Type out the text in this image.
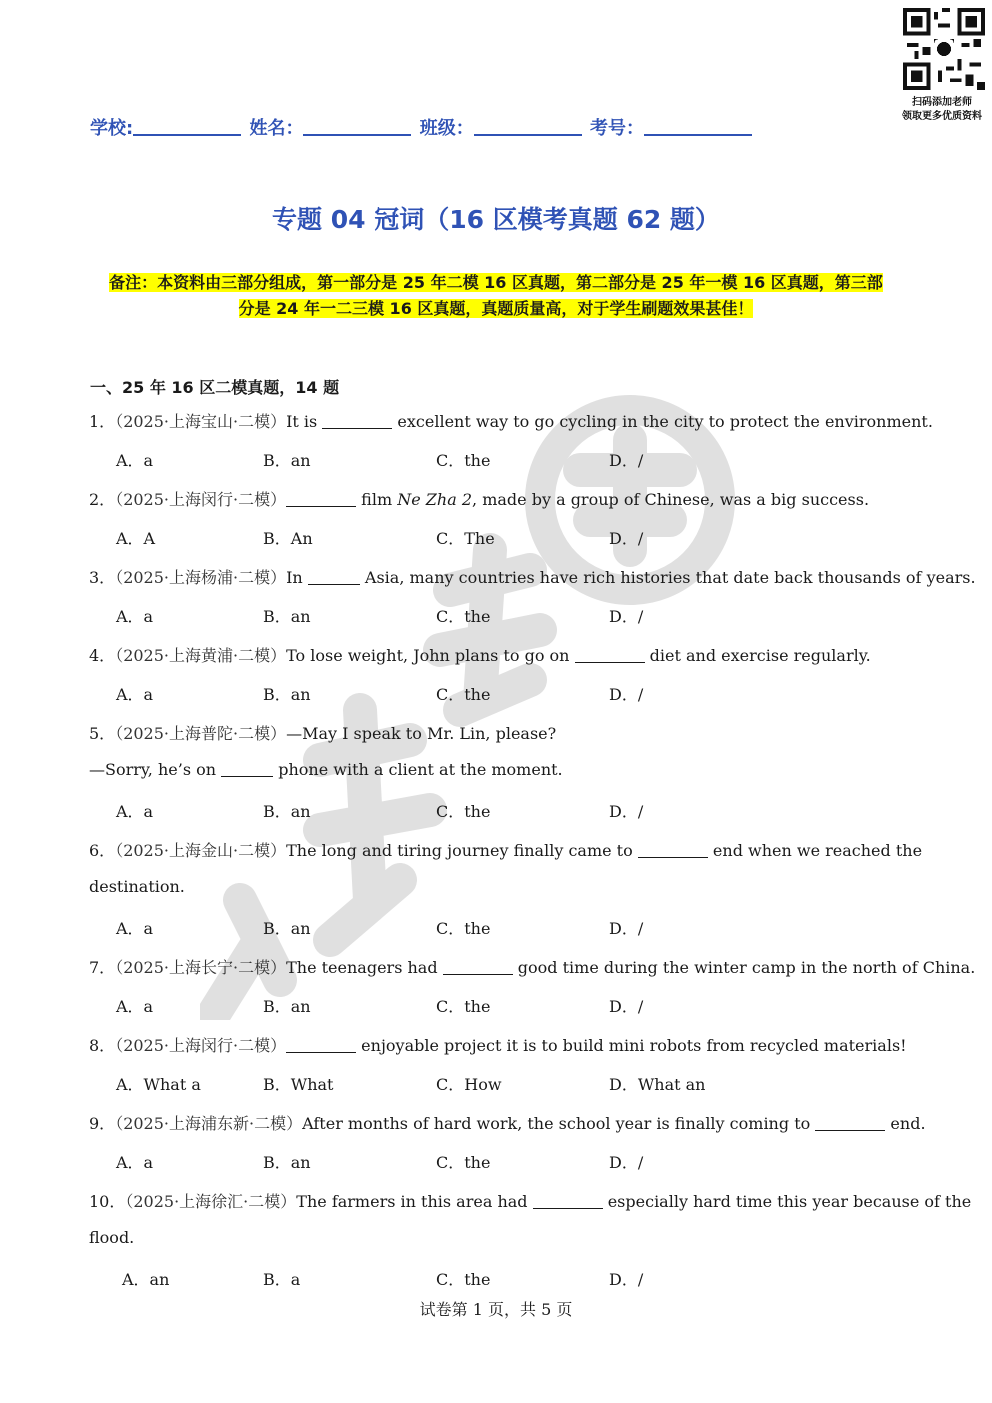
扫码添加老师
领取更多优质资料
学校:	姓名：	班级：	考号：
专题 04 冠词（16 区模考真题 62 题）
备注：本资料由三部分组成，第一部分是 25 年二模 16 区真题，第二部分是 25 年一模 16 区真题，第三部
分是 24 年一二三模 16 区真题，真题质量高，对于学生刷题效果甚佳！
一、25 年 16 区二模真题，14 题
1．（2025·上海宝山·二模）It is	excellent way to go cycling in the city to protect the environment.
A．a	B．an	C．the	D．/
2．（2025·上海闵行·二模）	film Ne Zha 2, made by a group of Chinese, was a big success.
A．A	B．An	C．The	D．/
3．（2025·上海杨浦·二模）In	Asia, many countries have rich histories that date back thousands of years.
A．a	B．an	C．the	D．/
4．（2025·上海黄浦·二模）To lose weight, John plans to go on	diet and exercise regularly.
A．a	B．an	C．the	D．/
5．（2025·上海普陀·二模）—May I speak to Mr. Lin, please?
—Sorry, he’s on	phone with a client at the moment.
A．a	B．an	C．the	D．/
6．（2025·上海金山·二模）The long and tiring journey finally came to	end when we reached the
destination.
A．a	B．an	C．the	D．/
7．（2025·上海长宁·二模）The teenagers had	good time during the winter camp in the north of China.
A．a	B．an	C．the	D．/
8．（2025·上海闵行·二模）	enjoyable project it is to build mini robots from recycled materials!
A．What a	B．What	C．How	D．What an
9．（2025·上海浦东新·二模）After months of hard work, the school year is finally coming to	end.
A．a	B．an	C．the	D．/
10．（2025·上海徐汇·二模）The farmers in this area had	especially hard time this year because of the
flood.
A．an	B．a	C．the	D．/
试卷第 1 页，共 5 页
